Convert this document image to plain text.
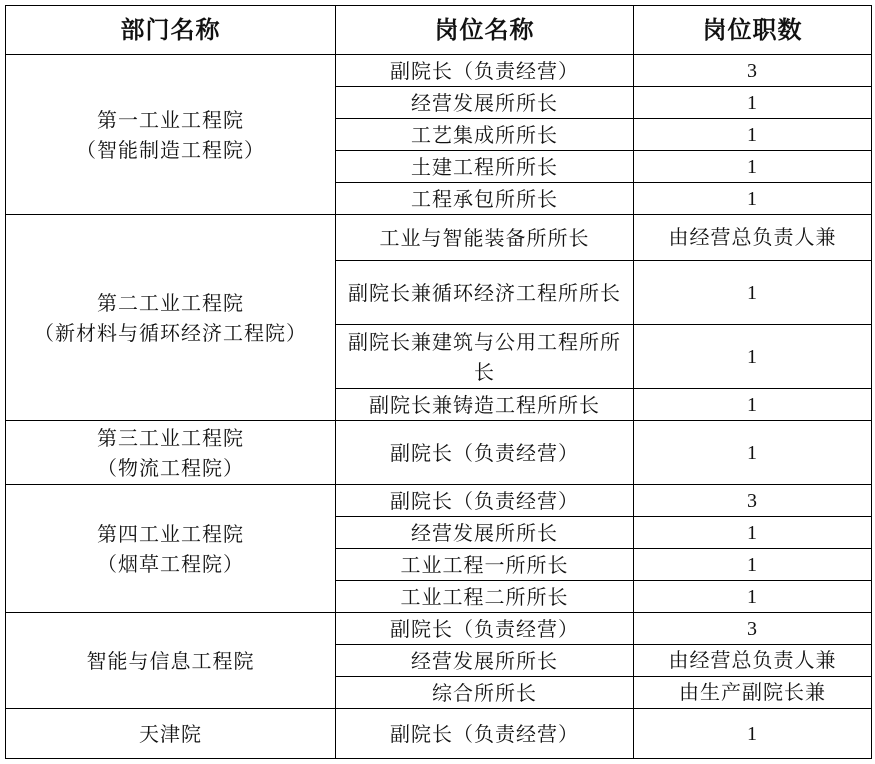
部门名称	岗位名称	岗位职数

第一工业工程院
（智能制造工程院）	副院长（负责经营）	3
	经营发展所所长	1
	工艺集成所所长	1
	土建工程所所长	1
	工程承包所所长	1

第二工业工程院
（新材料与循环经济工程院）	工业与智能装备所所长	由经营总负责人兼
	副院长兼循环经济工程所所长	1
	副院长兼建筑与公用工程所所长	1
	副院长兼铸造工程所所长	1

第三工业工程院
（物流工程院）	副院长（负责经营）	1

第四工业工程院
（烟草工程院）	副院长（负责经营）	3
	经营发展所所长	1
	工业工程一所所长	1
	工业工程二所所长	1

智能与信息工程院	副院长（负责经营）	3
	经营发展所所长	由经营总负责人兼
	综合所所长	由生产副院长兼

天津院	副院长（负责经营）	1
